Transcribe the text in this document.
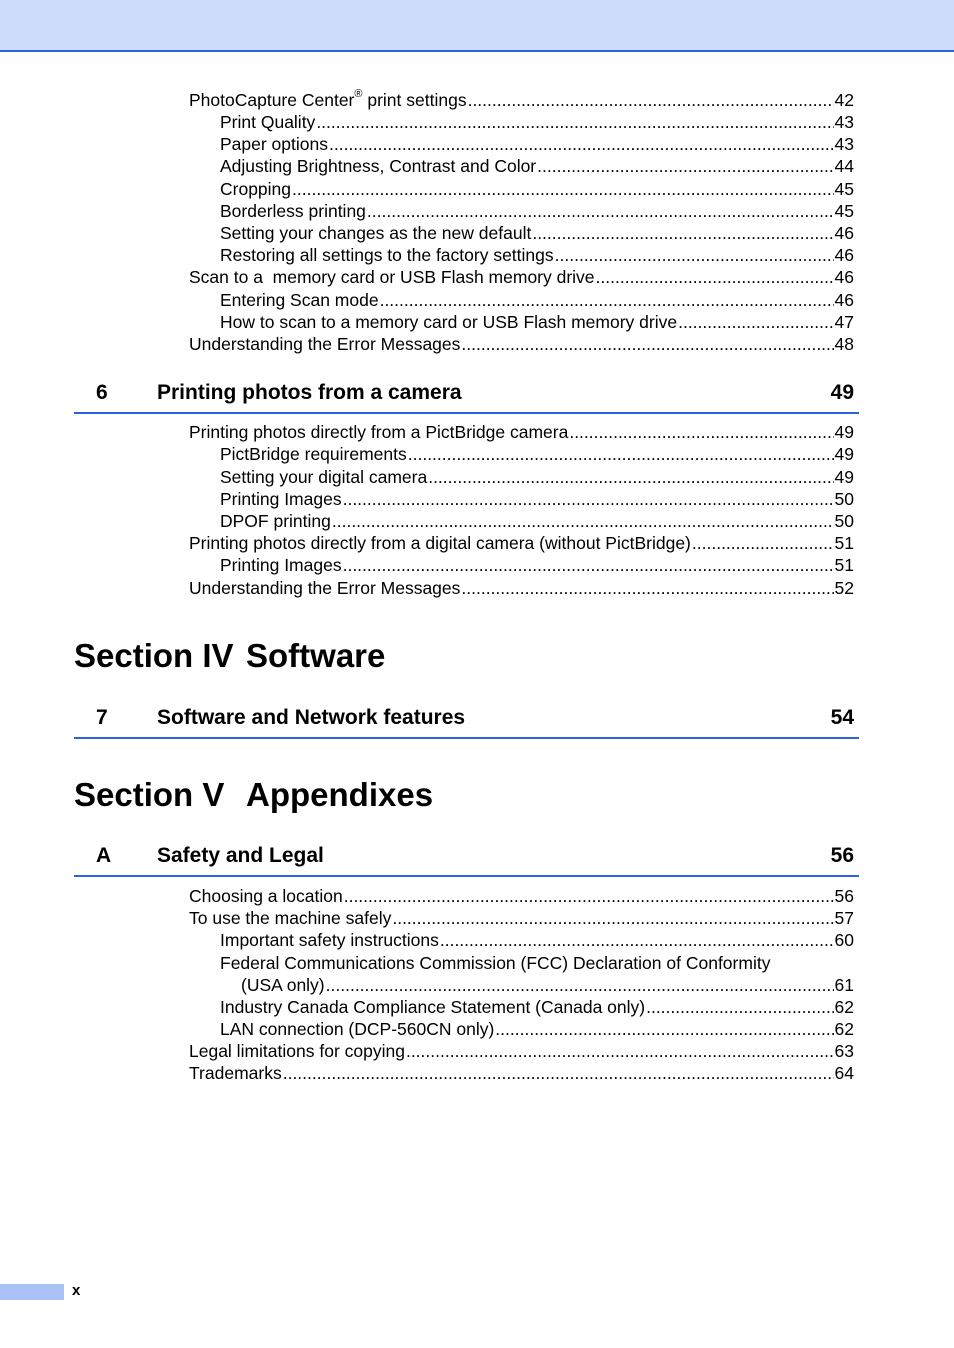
PhotoCapture Center® print settings .....	42
Print Quality .....	43
Paper options .....	43
Adjusting Brightness, Contrast and Color .....	44
Cropping .....	45
Borderless printing .....	45
Setting your changes as the new default .....	46
Restoring all settings to the factory settings .....	46
Scan to a  memory card or USB Flash memory drive .....	46
Entering Scan mode .....	46
How to scan to a memory card or USB Flash memory drive .....	47
Understanding the Error Messages .....	48
6 Printing photos from a camera	49
Printing photos directly from a PictBridge camera .....	49
PictBridge requirements .....	49
Setting your digital camera .....	49
Printing Images .....	50
DPOF printing .....	50
Printing photos directly from a digital camera (without PictBridge) .....	51
Printing Images .....	51
Understanding the Error Messages .....	52
Section IV Software
7 Software and Network features	54
Section V Appendixes
A Safety and Legal	56
Choosing a location .....	56
To use the machine safely .....	57
Important safety instructions .....	60
Federal Communications Commission (FCC) Declaration of Conformity
(USA only) .....	61
Industry Canada Compliance Statement (Canada only) .....	62
LAN connection (DCP-560CN only) .....	62
Legal limitations for copying .....	63
Trademarks .....	64
x
